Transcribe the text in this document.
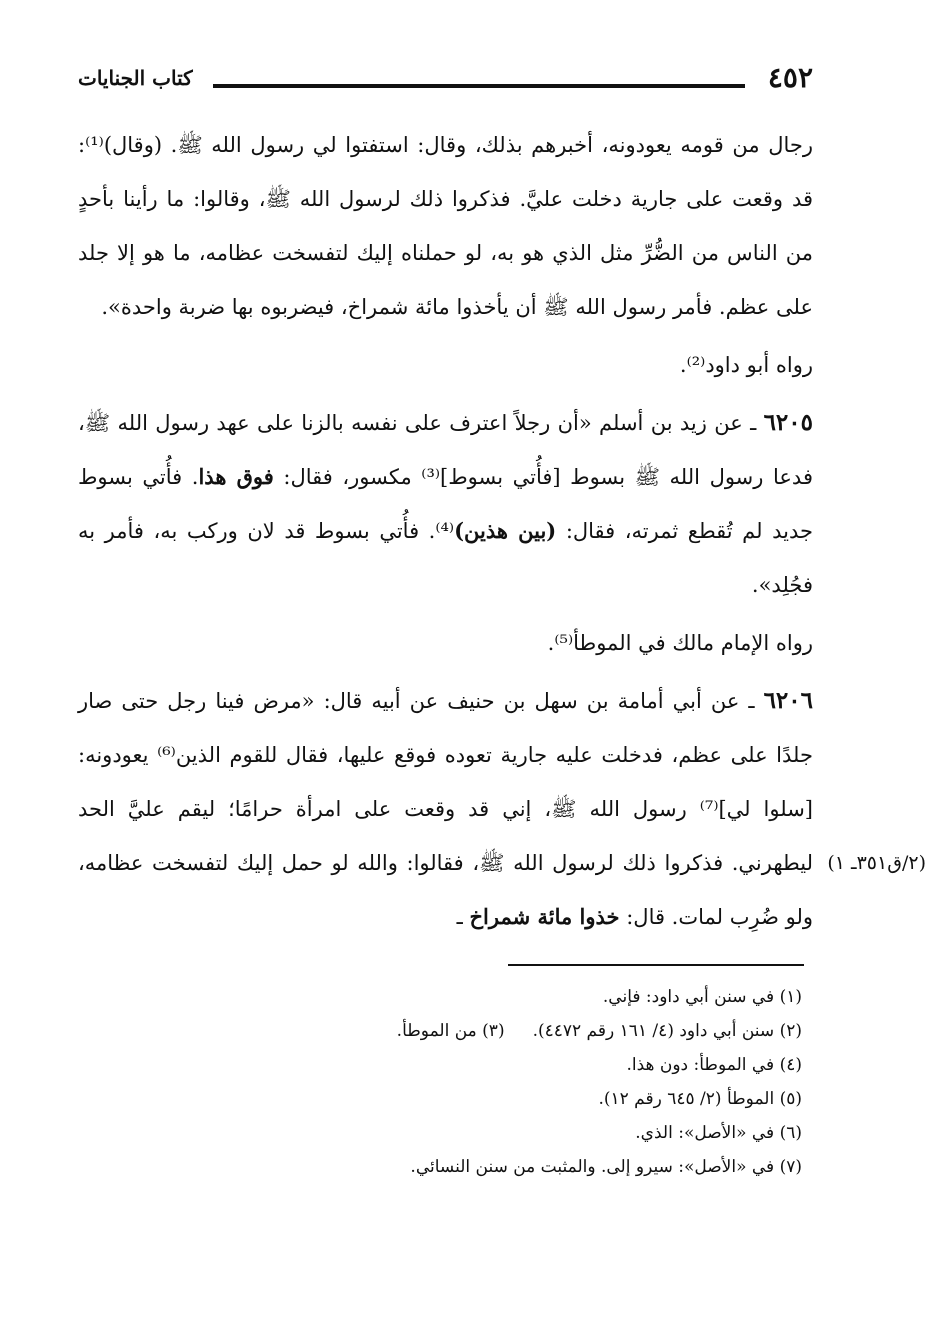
٤٥٢
كتاب الجنايات

رجال من قومه يعودونه، أخبرهم بذلك، وقال: استفتوا لي رسول الله ﷺ. (وقال)⁽¹⁾: قد وقعت على جارية دخلت عليَّ. فذكروا ذلك لرسول الله ﷺ، وقالوا: ما رأينا بأحدٍ من الناس من الضُّرِّ مثل الذي هو به، لو حملناه إليك لتفسخت عظامه، ما هو إلا جلد على عظم. فأمر رسول الله ﷺ أن يأخذوا مائة شمراخ، فيضربوه بها ضربة واحدة».

رواه أبو داود⁽²⁾.

٦٢٠٥ ـ عن زيد بن أسلم «أن رجلاً اعترف على نفسه بالزنا على عهد رسول الله ﷺ، فدعا رسول الله ﷺ بسوط [فأُتي بسوط]⁽³⁾ مكسور، فقال: فوق هذا. فأُتي بسوط جديد لم تُقطع ثمرته، فقال: (بين هذين)⁽⁴⁾. فأُتي بسوط قد لان وركب به، فأمر به فجُلِد».

رواه الإمام مالك في الموطأ⁽⁵⁾.

٦٢٠٦ ـ عن أبي أمامة بن سهل بن حنيف عن أبيه قال: «مرض فينا رجل حتى صار جلدًا على عظم، فدخلت عليه جارية تعوده فوقع عليها، فقال للقوم الذين⁽⁶⁾ يعودونه: [سلوا لي]⁽⁷⁾ رسول الله ﷺ، إني قد وقعت على امرأة حرامًا؛ ليقم عليَّ الحد ليطهرني. فذكروا ذلك لرسول الله ﷺ، فقالوا: والله لو حمل إليك لتفسخت عظامه، ولو ضُرِب لمات. قال: خذوا مائة شمراخ ـ

(٢/ق٣٥١ـ ١)

(١) في سنن أبي داود: فإني.

(٢) سنن أبي داود (٤/ ١٦١ رقم ٤٤٧٢).(٣) من الموطأ.

(٤) في الموطأ: دون هذا.

(٥) الموطأ (٢/ ٦٤٥ رقم ١٢).

(٦) في «الأصل»: الذي.

(٧) في «الأصل»: سيرو إلى. والمثبت من سنن النسائي.
